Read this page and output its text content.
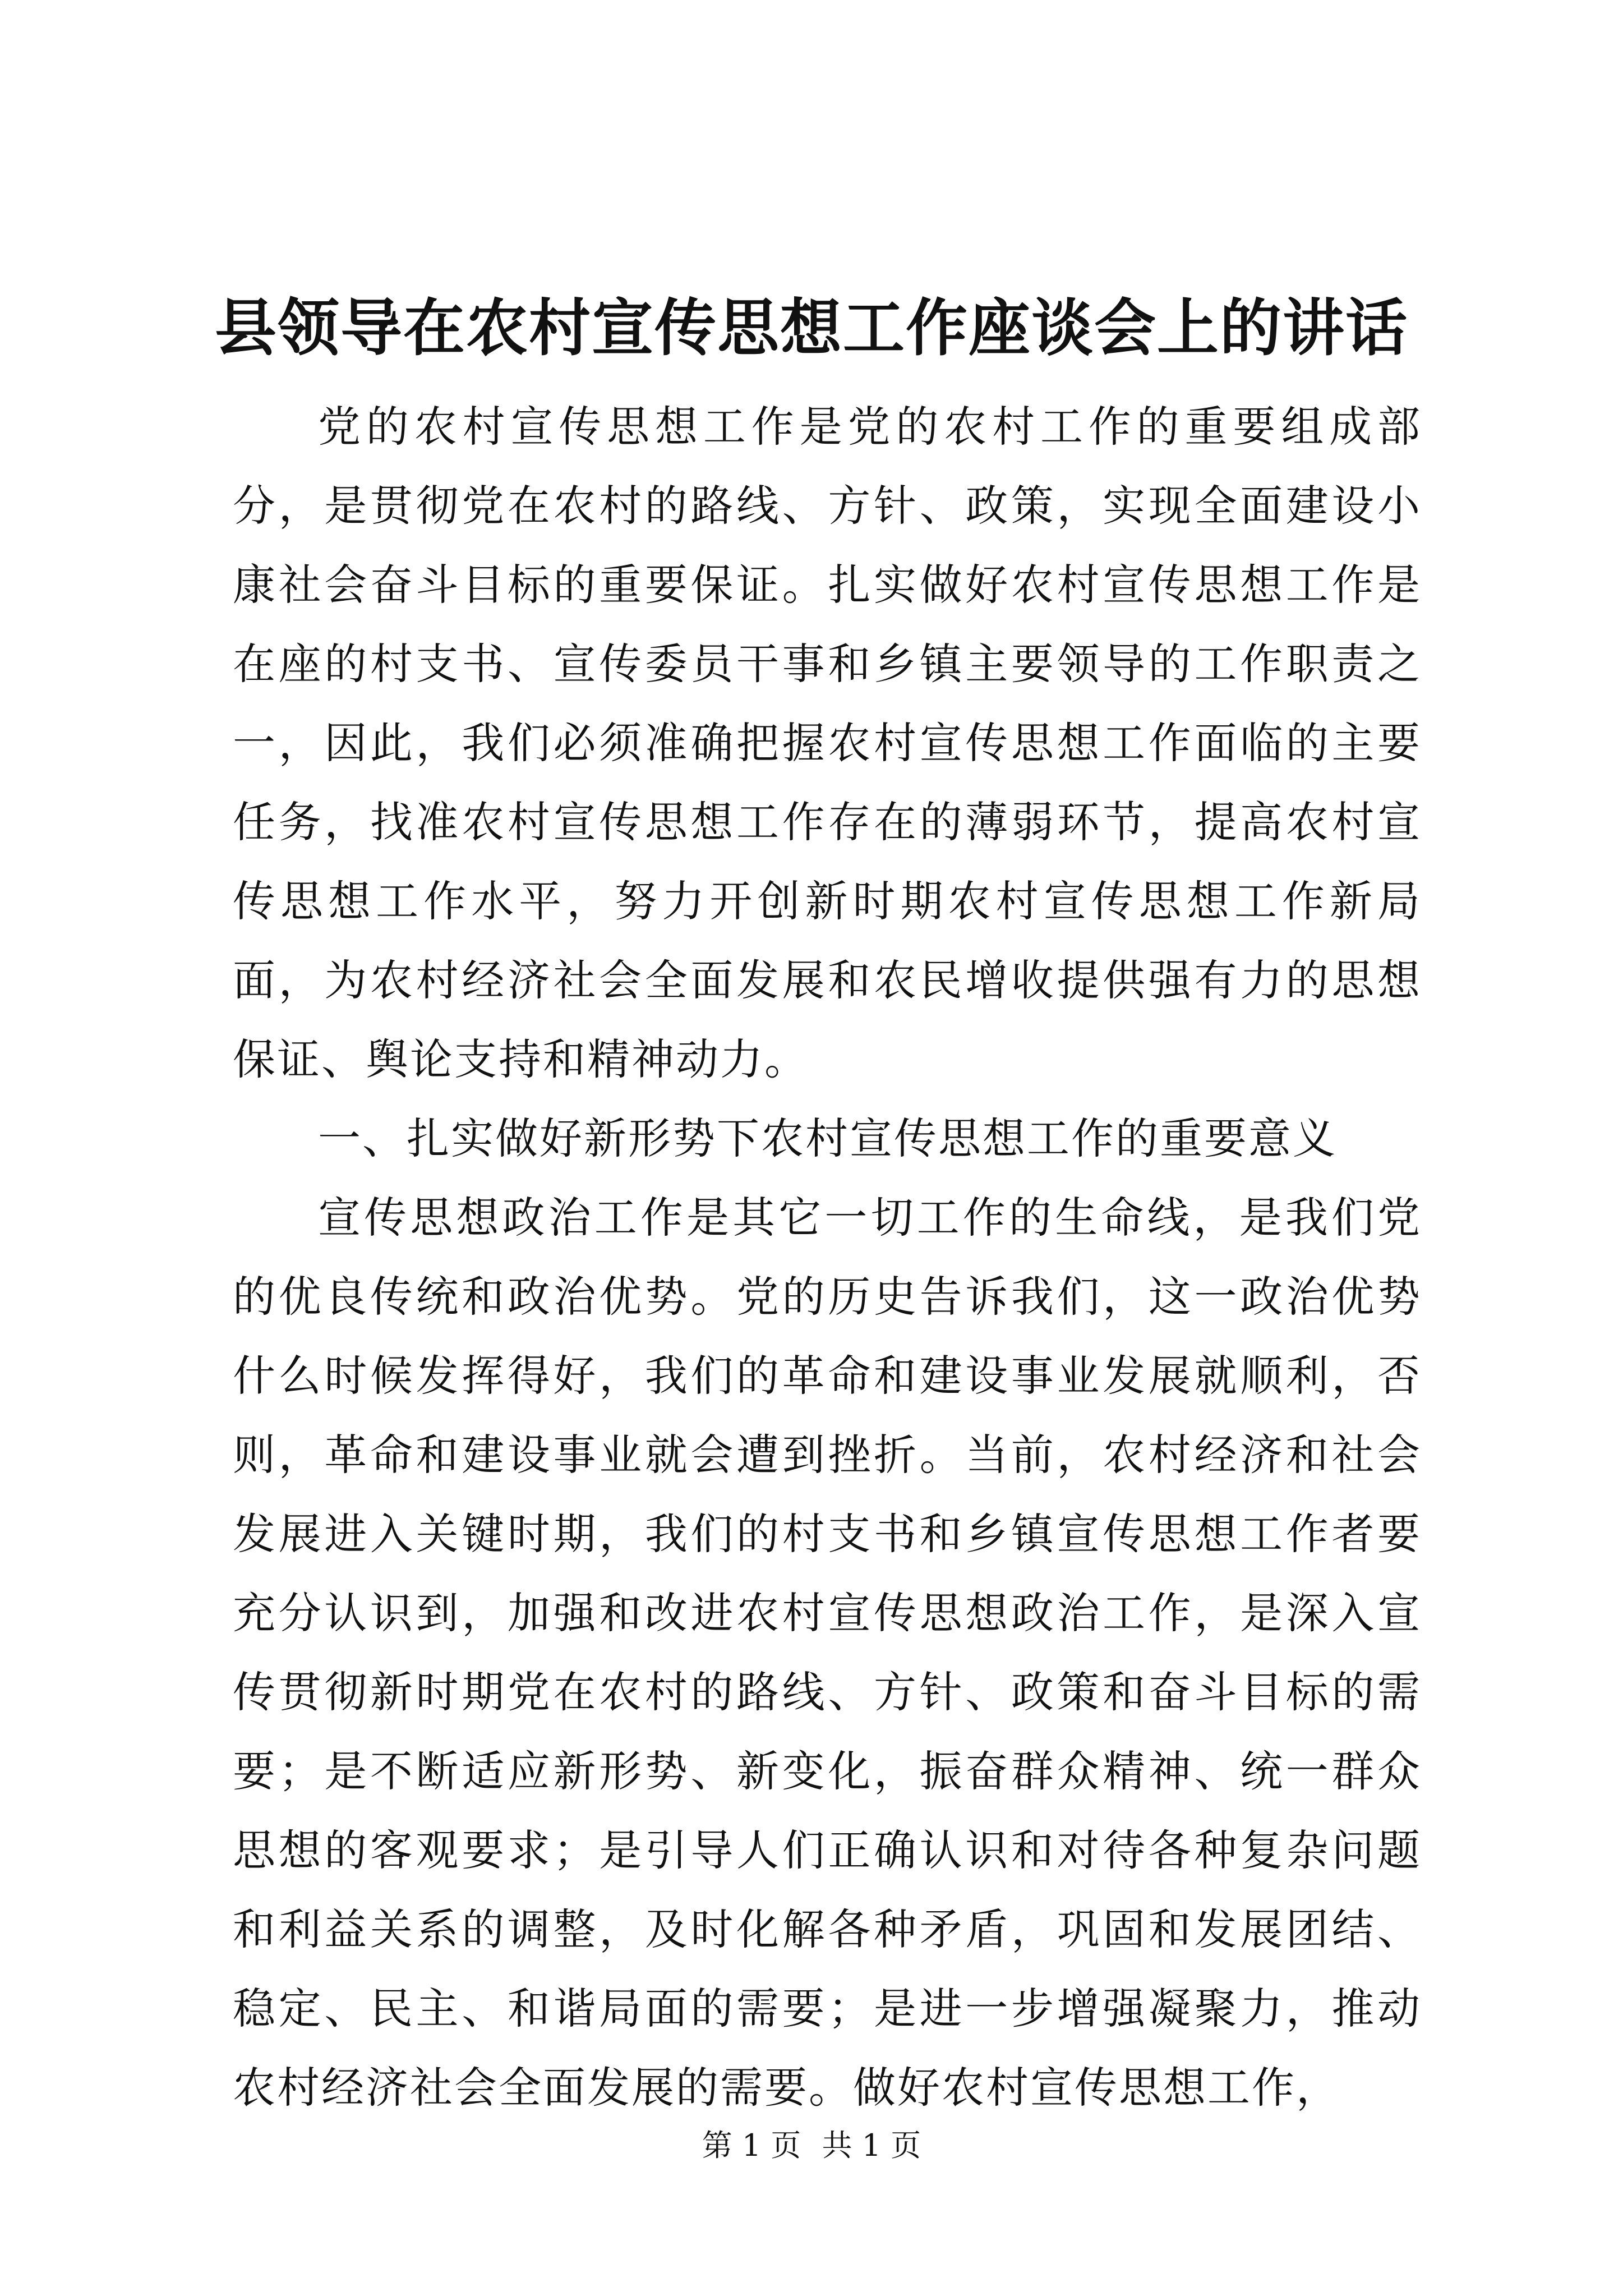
县领导在农村宣传思想工作座谈会上的讲话

党的农村宣传思想工作是党的农村工作的重要组成部分，是贯彻党在农村的路线、方针、政策，实现全面建设小康社会奋斗目标的重要保证。扎实做好农村宣传思想工作是在座的村支书、宣传委员干事和乡镇主要领导的工作职责之一，因此，我们必须准确把握农村宣传思想工作面临的主要任务，找准农村宣传思想工作存在的薄弱环节，提高农村宣传思想工作水平，努力开创新时期农村宣传思想工作新局面，为农村经济社会全面发展和农民增收提供强有力的思想保证、舆论支持和精神动力。

一、扎实做好新形势下农村宣传思想工作的重要意义

宣传思想政治工作是其它一切工作的生命线，是我们党的优良传统和政治优势。党的历史告诉我们，这一政治优势什么时候发挥得好，我们的革命和建设事业发展就顺利，否则，革命和建设事业就会遭到挫折。当前，农村经济和社会发展进入关键时期，我们的村支书和乡镇宣传思想工作者要充分认识到，加强和改进农村宣传思想政治工作，是深入宣传贯彻新时期党在农村的路线、方针、政策和奋斗目标的需要；是不断适应新形势、新变化，振奋群众精神、统一群众思想的客观要求；是引导人们正确认识和对待各种复杂问题和利益关系的调整，及时化解各种矛盾，巩固和发展团结、稳定、民主、和谐局面的需要；是进一步增强凝聚力，推动农村经济社会全面发展的需要。做好农村宣传思想工作，

第 1 页 共 1 页
